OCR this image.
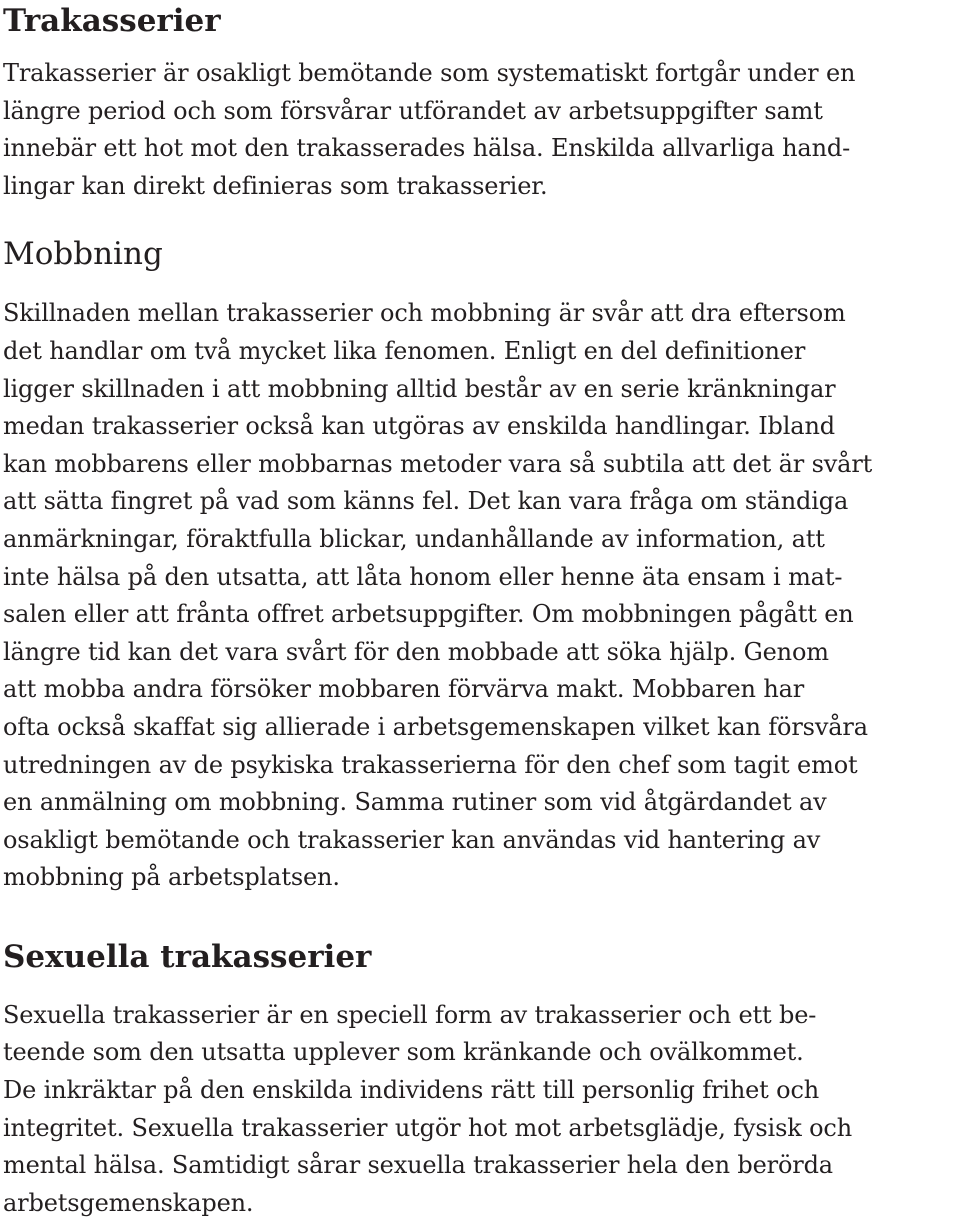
Trakasserier

Trakasserier är osakligt bemötande som systematiskt fortgår under en
längre period och som försvårar utförandet av arbetsuppgifter samt
innebär ett hot mot den trakasserades hälsa. Enskilda allvarliga hand-
lingar kan direkt definieras som trakasserier.

Mobbning

Skillnaden mellan trakasserier och mobbning är svår att dra eftersom
det handlar om två mycket lika fenomen. Enligt en del definitioner
ligger skillnaden i att mobbning alltid består av en serie kränkningar
medan trakasserier också kan utgöras av enskilda handlingar. Ibland
kan mobbarens eller mobbarnas metoder vara så subtila att det är svårt
att sätta fingret på vad som känns fel. Det kan vara fråga om ständiga
anmärkningar, föraktfulla blickar, undanhållande av information, att
inte hälsa på den utsatta, att låta honom eller henne äta ensam i mat-
salen eller att frånta offret arbetsuppgifter. Om mobbningen pågått en
längre tid kan det vara svårt för den mobbade att söka hjälp. Genom
att mobba andra försöker mobbaren förvärva makt. Mobbaren har
ofta också skaffat sig allierade i arbetsgemenskapen vilket kan försvåra
utredningen av de psykiska trakasserierna för den chef som tagit emot
en anmälning om mobbning. Samma rutiner som vid åtgärdandet av
osakligt bemötande och trakasserier kan användas vid hantering av
mobbning på arbetsplatsen.

Sexuella trakasserier

Sexuella trakasserier är en speciell form av trakasserier och ett be-
teende som den utsatta upplever som kränkande och ovälkommet.
De inkräktar på den enskilda individens rätt till personlig frihet och
integritet. Sexuella trakasserier utgör hot mot arbetsglädje, fysisk och
mental hälsa. Samtidigt sårar sexuella trakasserier hela den berörda
arbetsgemenskapen.
